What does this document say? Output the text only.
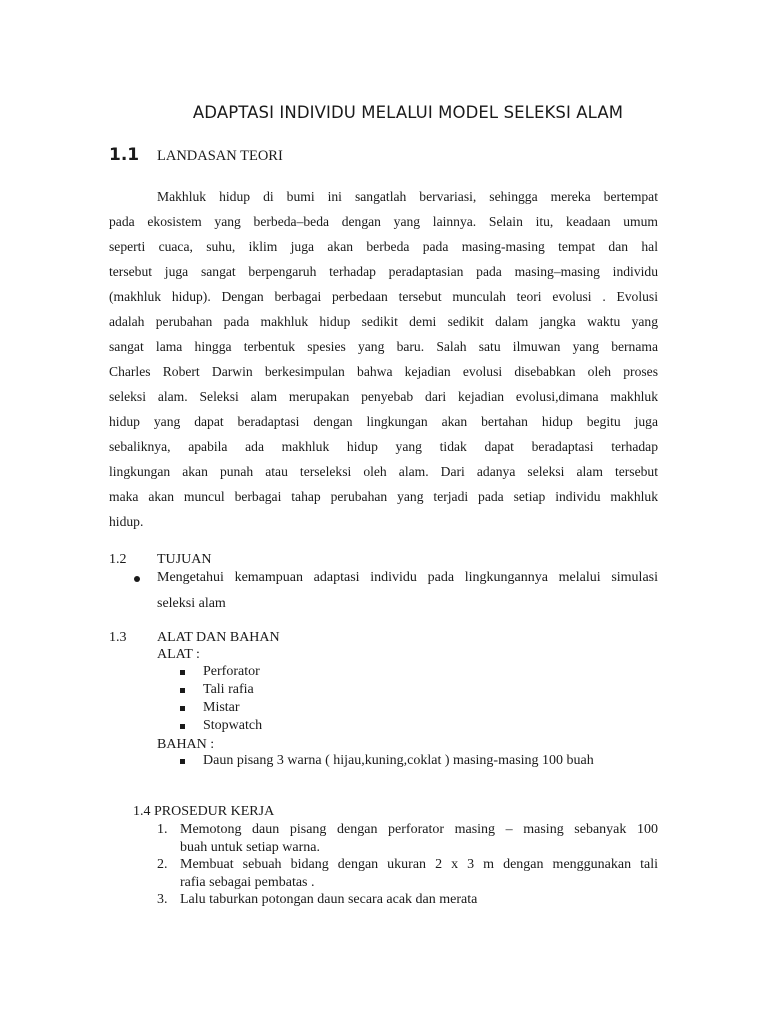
ADAPTASI INDIVIDU MELALUI MODEL SELEKSI ALAM
1.1 LANDASAN TEORI
Makhluk hidup di bumi ini sangatlah bervariasi, sehingga mereka bertempat
pada ekosistem yang berbeda–beda dengan yang lainnya. Selain itu, keadaan umum
seperti cuaca, suhu, iklim juga akan berbeda pada masing-masing tempat dan hal
tersebut juga sangat berpengaruh terhadap peradaptasian pada masing–masing individu
(makhluk hidup). Dengan berbagai perbedaan tersebut munculah teori evolusi . Evolusi
adalah perubahan pada makhluk hidup sedikit demi sedikit dalam jangka waktu yang
sangat lama hingga terbentuk spesies yang baru. Salah satu ilmuwan yang bernama
Charles Robert Darwin berkesimpulan bahwa kejadian evolusi disebabkan oleh proses
seleksi alam. Seleksi alam merupakan penyebab dari kejadian evolusi,dimana makhluk
hidup yang dapat beradaptasi dengan lingkungan akan bertahan hidup begitu juga
sebaliknya, apabila ada makhluk hidup yang tidak dapat beradaptasi terhadap
lingkungan akan punah atau terseleksi oleh alam. Dari adanya seleksi alam tersebut
maka akan muncul berbagai tahap perubahan yang terjadi pada setiap individu makhluk
hidup.
1.2 TUJUAN
Mengetahui kemampuan adaptasi individu pada lingkungannya melalui simulasi
seleksi alam
1.3 ALAT DAN BAHAN
ALAT :
Perforator
Tali rafia
Mistar
Stopwatch
BAHAN :
Daun pisang 3 warna ( hijau,kuning,coklat ) masing-masing 100 buah
1.4 PROSEDUR KERJA
1. Memotong daun pisang dengan perforator masing – masing sebanyak 100
buah untuk setiap warna.
2. Membuat sebuah bidang dengan ukuran 2 x 3 m dengan menggunakan tali
rafia sebagai pembatas .
3. Lalu taburkan potongan daun secara acak dan merata
